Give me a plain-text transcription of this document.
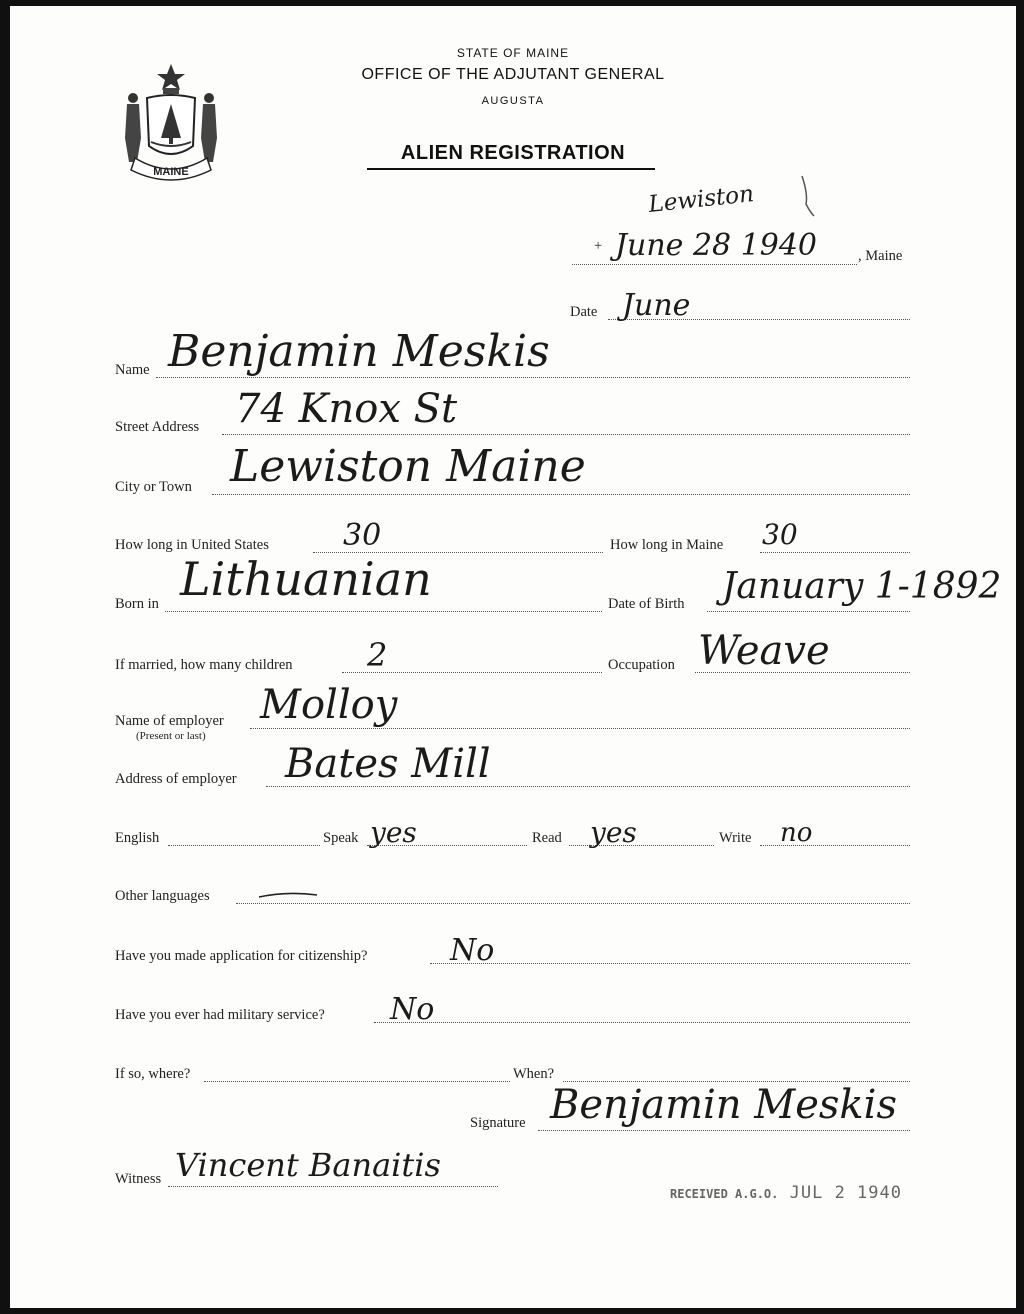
MAINE
STATE OF MAINE
OFFICE OF THE ADJUTANT GENERAL
AUGUSTA
ALIEN REGISTRATION
Lewiston
+ June 28 1940	, Maine
Date June
Name Benjamin Meskis
Street Address 74 Knox St
City or Town Lewiston Maine
How long in United States 30	How long in Maine 30
Born in Lithuanian	Date of Birth January 1-1892
If married, how many children 2	Occupation Weave
Name of employer
(Present or last)
Molloy
Address of employer Bates Mill
English	Speak yes	Read yes	Write no
Other languages
Have you made application for citizenship?	No
Have you ever had military service? No
If so, where?	When?
Signature Benjamin Meskis
Witness Vincent Banaitis
RECEIVED A.G.O. JUL 2 1940
